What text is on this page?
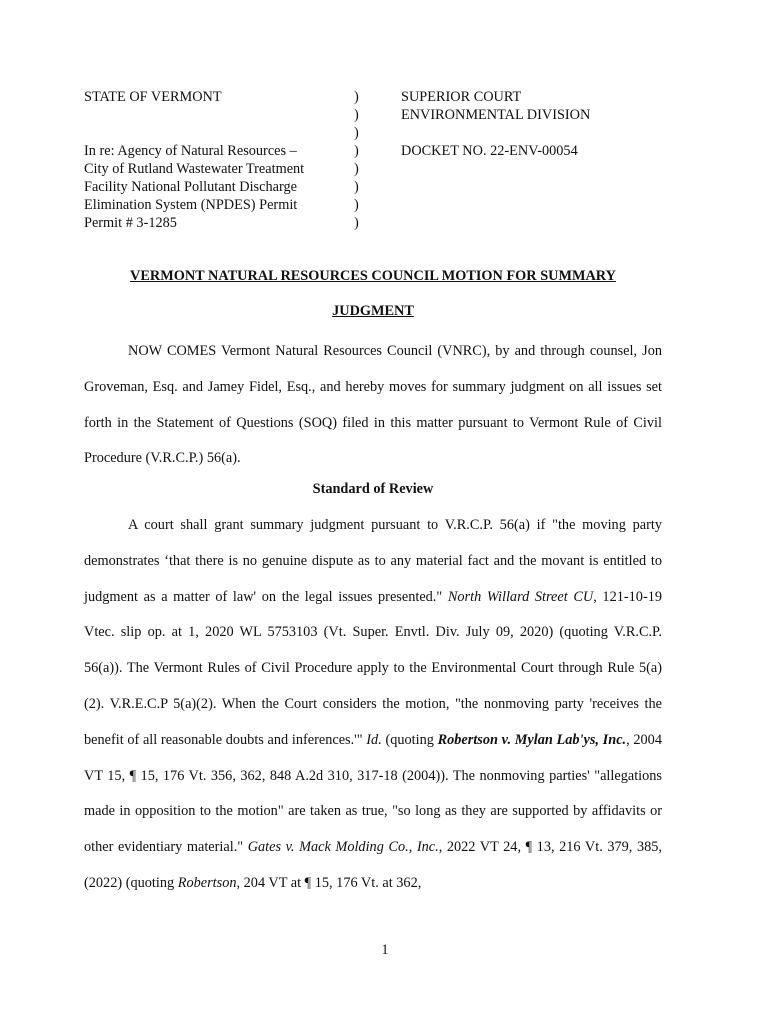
STATE OF VERMONT
In re: Agency of Natural Resources –
City of Rutland Wastewater Treatment
Facility National Pollutant Discharge
Elimination System (NPDES) Permit
Permit # 3-1285
)
)
)
)
)
)
)
)
SUPERIOR COURT
ENVIRONMENTAL DIVISION
DOCKET NO. 22-ENV-00054
VERMONT NATURAL RESOURCES COUNCIL MOTION FOR SUMMARY
JUDGMENT

NOW COMES Vermont Natural Resources Council (VNRC), by and through counsel, Jon Groveman, Esq. and Jamey Fidel, Esq., and hereby moves for summary judgment on all issues set forth in the Statement of Questions (SOQ) filed in this matter pursuant to Vermont Rule of Civil Procedure (V.R.C.P.) 56(a).

Standard of Review

A court shall grant summary judgment pursuant to V.R.C.P. 56(a) if "the moving party demonstrates ‘that there is no genuine dispute as to any material fact and the movant is entitled to judgment as a matter of law' on the legal issues presented." North Willard Street CU, 121-10-19 Vtec. slip op. at 1, 2020 WL 5753103 (Vt. Super. Envtl. Div. July 09, 2020) (quoting V.R.C.P. 56(a)). The Vermont Rules of Civil Procedure apply to the Environmental Court through Rule 5(a)(2). V.R.E.C.P 5(a)(2). When the Court considers the motion, "the nonmoving party 'receives the benefit of all reasonable doubts and inferences.'" Id. (quoting Robertson v. Mylan Lab'ys, Inc., 2004 VT 15, ¶ 15, 176 Vt. 356, 362, 848 A.2d 310, 317-18 (2004)). The nonmoving parties' "allegations made in opposition to the motion" are taken as true, "so long as they are supported by affidavits or other evidentiary material." Gates v. Mack Molding Co., Inc., 2022 VT 24, ¶ 13, 216 Vt. 379, 385, (2022) (quoting Robertson, 204 VT at ¶ 15, 176 Vt. at 362,

1
